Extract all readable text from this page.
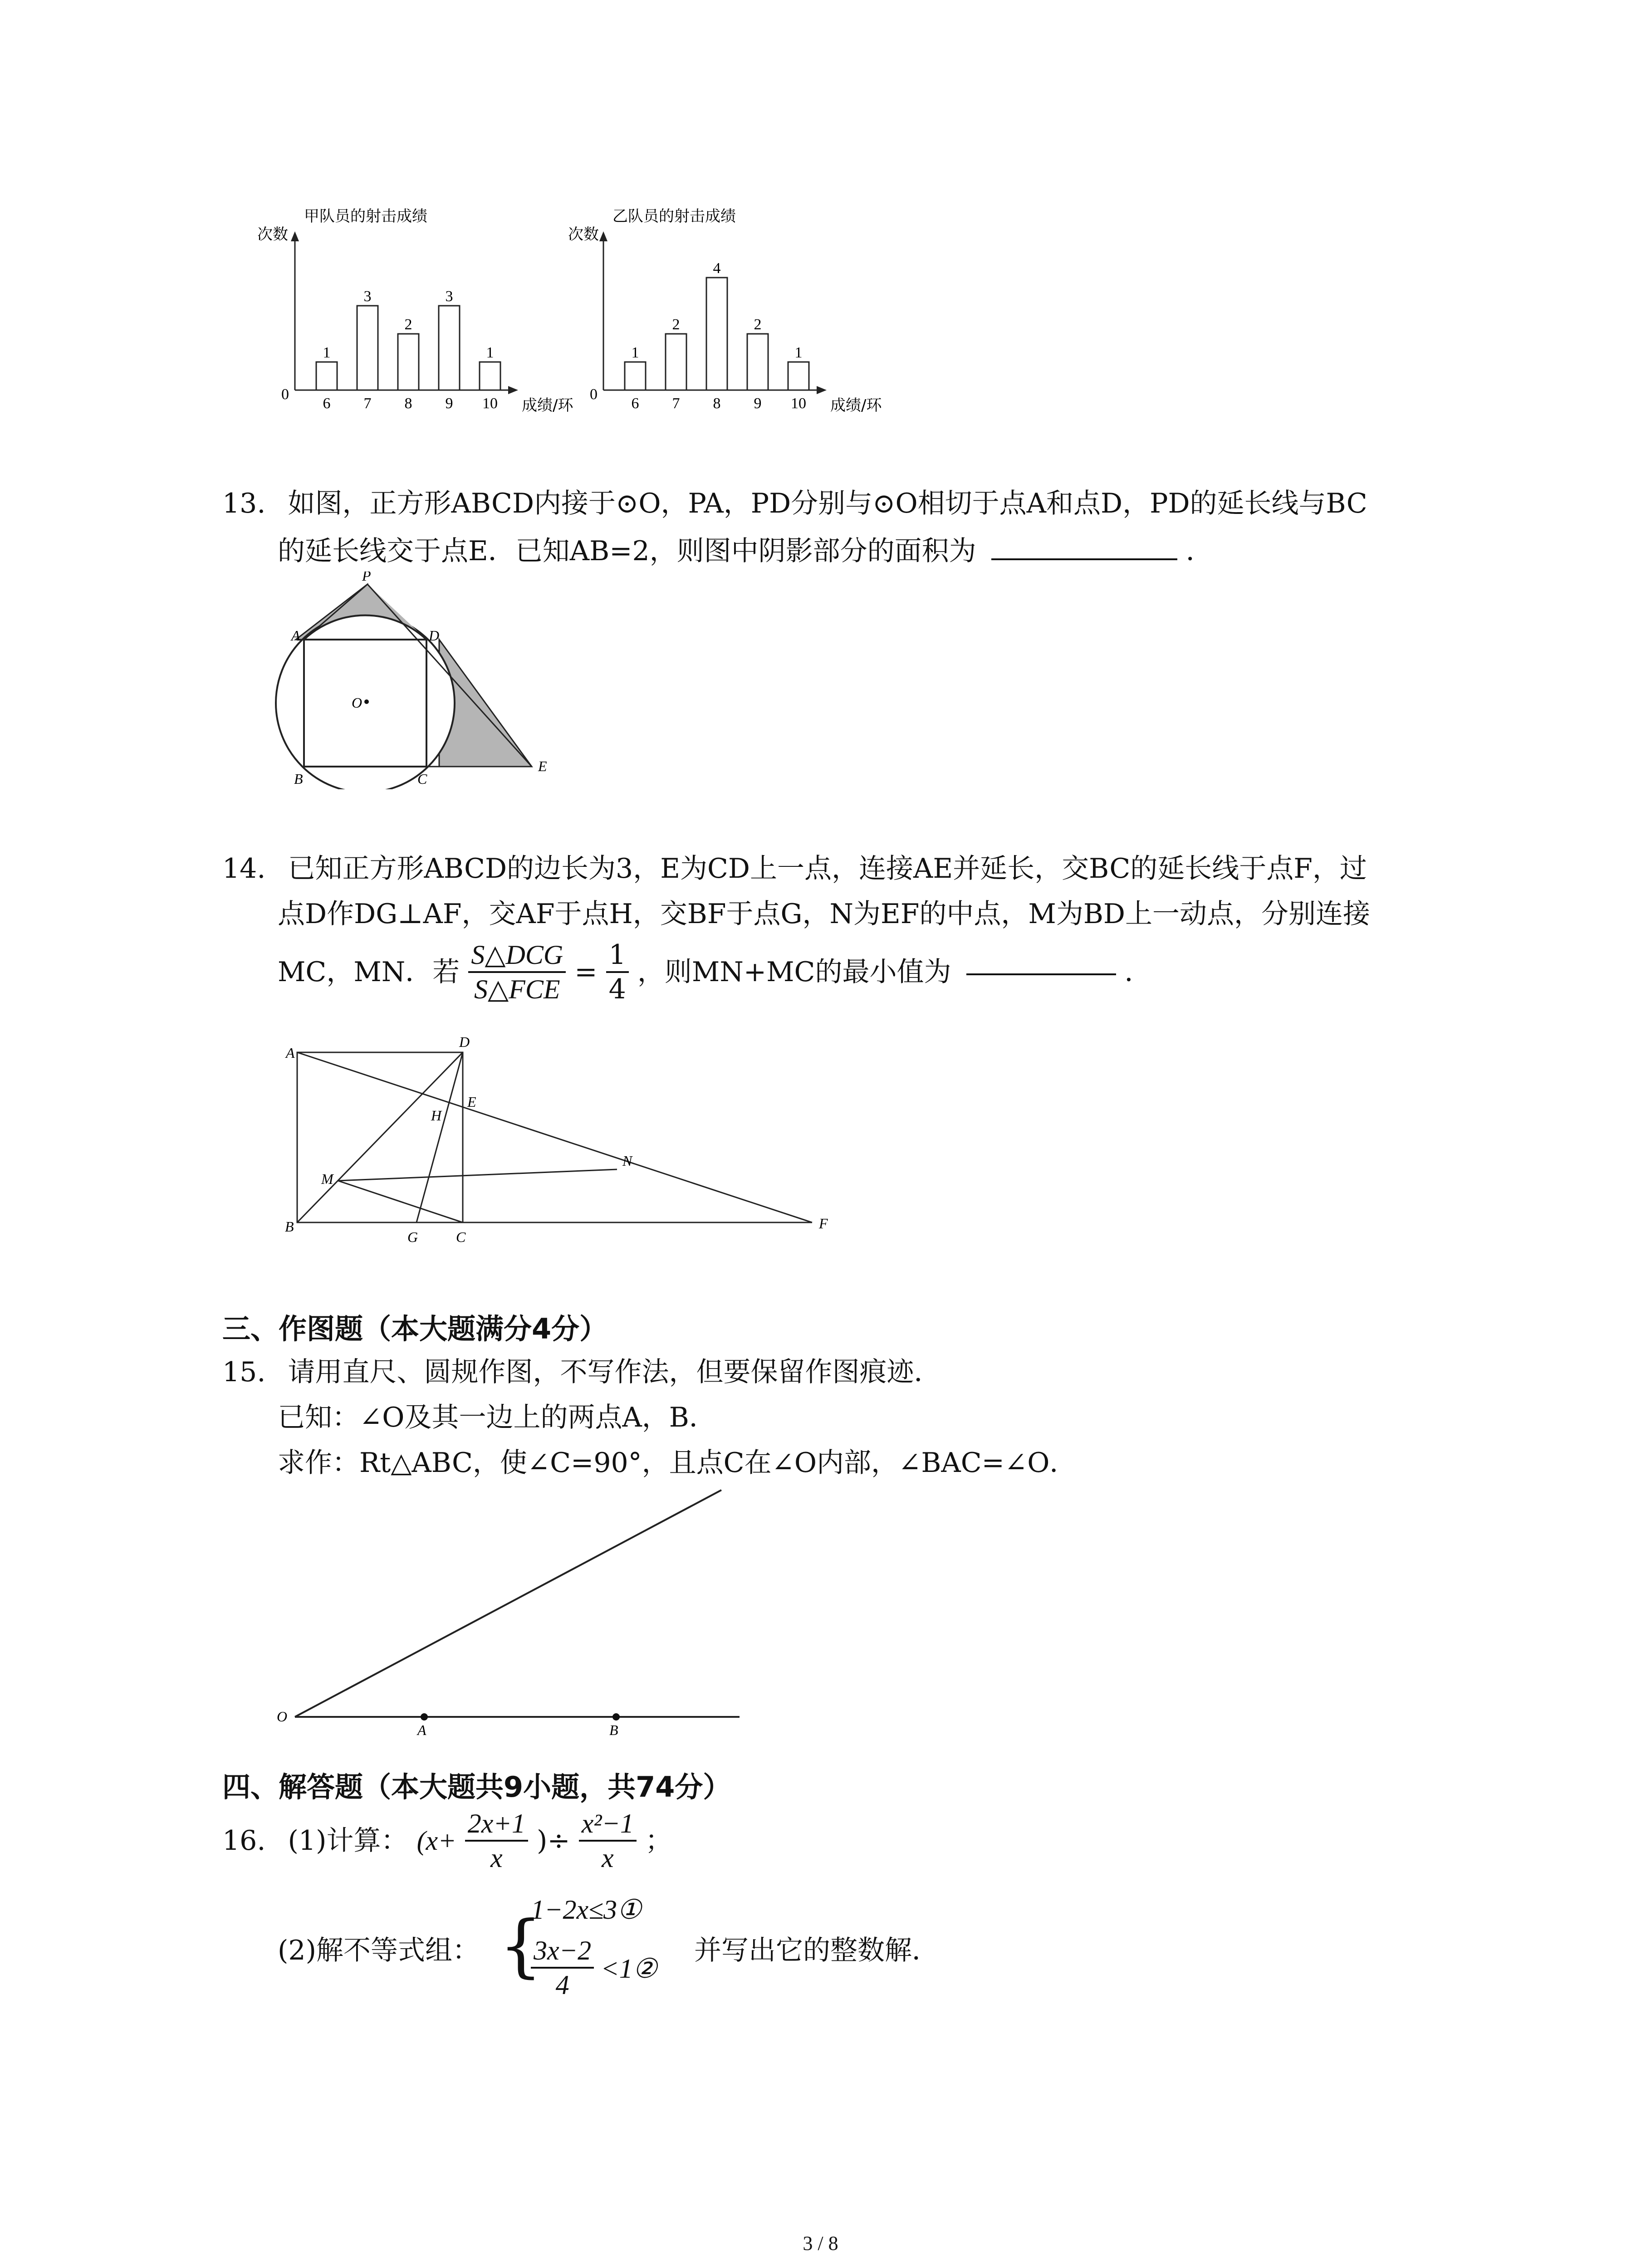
甲队员的射击成绩
次数
成绩/环
0
1
6
3
7
2
8
3
9
1
10
乙队员的射击成绩
次数
成绩/环
0
1
6
2
7
4
8
2
9
1
10
13. 如图，正方形ABCD内接于⊙O，PA，PD分别与⊙O相切于点A和点D，PD的延长线与BC
的延长线交于点E．已知AB=2，则图中阴影部分的面积为	．
P
A	D
O
B	C
E
14. 已知正方形ABCD的边长为3，E为CD上一点，连接AE并延长，交BC的延长线于点F，过
点D作DG⊥AF，交AF于点H，交BF于点G，N为EF的中点，M为BD上一动点，分别连接
MC，MN．若 $\frac{\text{S△DCG}}{\text{S△FCE}} = \frac{1}{4}$ ，则MN+MC的最小值为	．
A
D
H
E
N
M
B
G	C
F
三、作图题（本大题满分4分）
15. 请用直尺、圆规作图，不写作法，但要保留作图痕迹．
已知：∠O及其一边上的两点A，B．
求作：Rt△ABC，使∠C=90°，且点C在∠O内部，∠BAC=∠O．
O
A	B
四、解答题（本大题共9小题，共74分）
16. (1)计算： ($x+ \frac{2x+1}{x}$ )÷ $\frac{\text{x²−1}}{x}$ ；
(2)解不等式组： {
1−2x≤3①
$\frac{3x-2}{4}$ <1②
并写出它的整数解．
3 / 8
